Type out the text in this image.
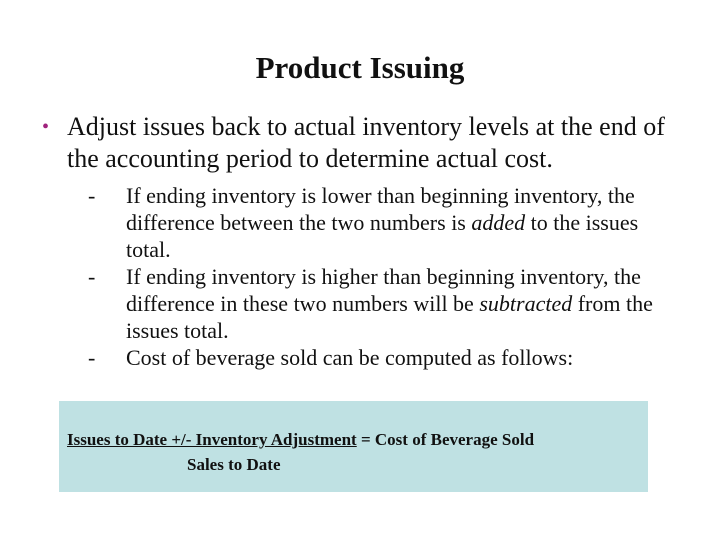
Product Issuing
• Adjust issues back to actual inventory levels at the end of the accounting period to determine actual cost.
-	If ending inventory is lower than beginning inventory, the difference between the two numbers is added to the issues total.
-	If ending inventory is higher than beginning inventory, the difference in these two numbers will be subtracted from the issues total.
-	Cost of beverage sold can be computed as follows:
Issues to Date +/- Inventory Adjustment = Cost of Beverage Sold
Sales to Date
